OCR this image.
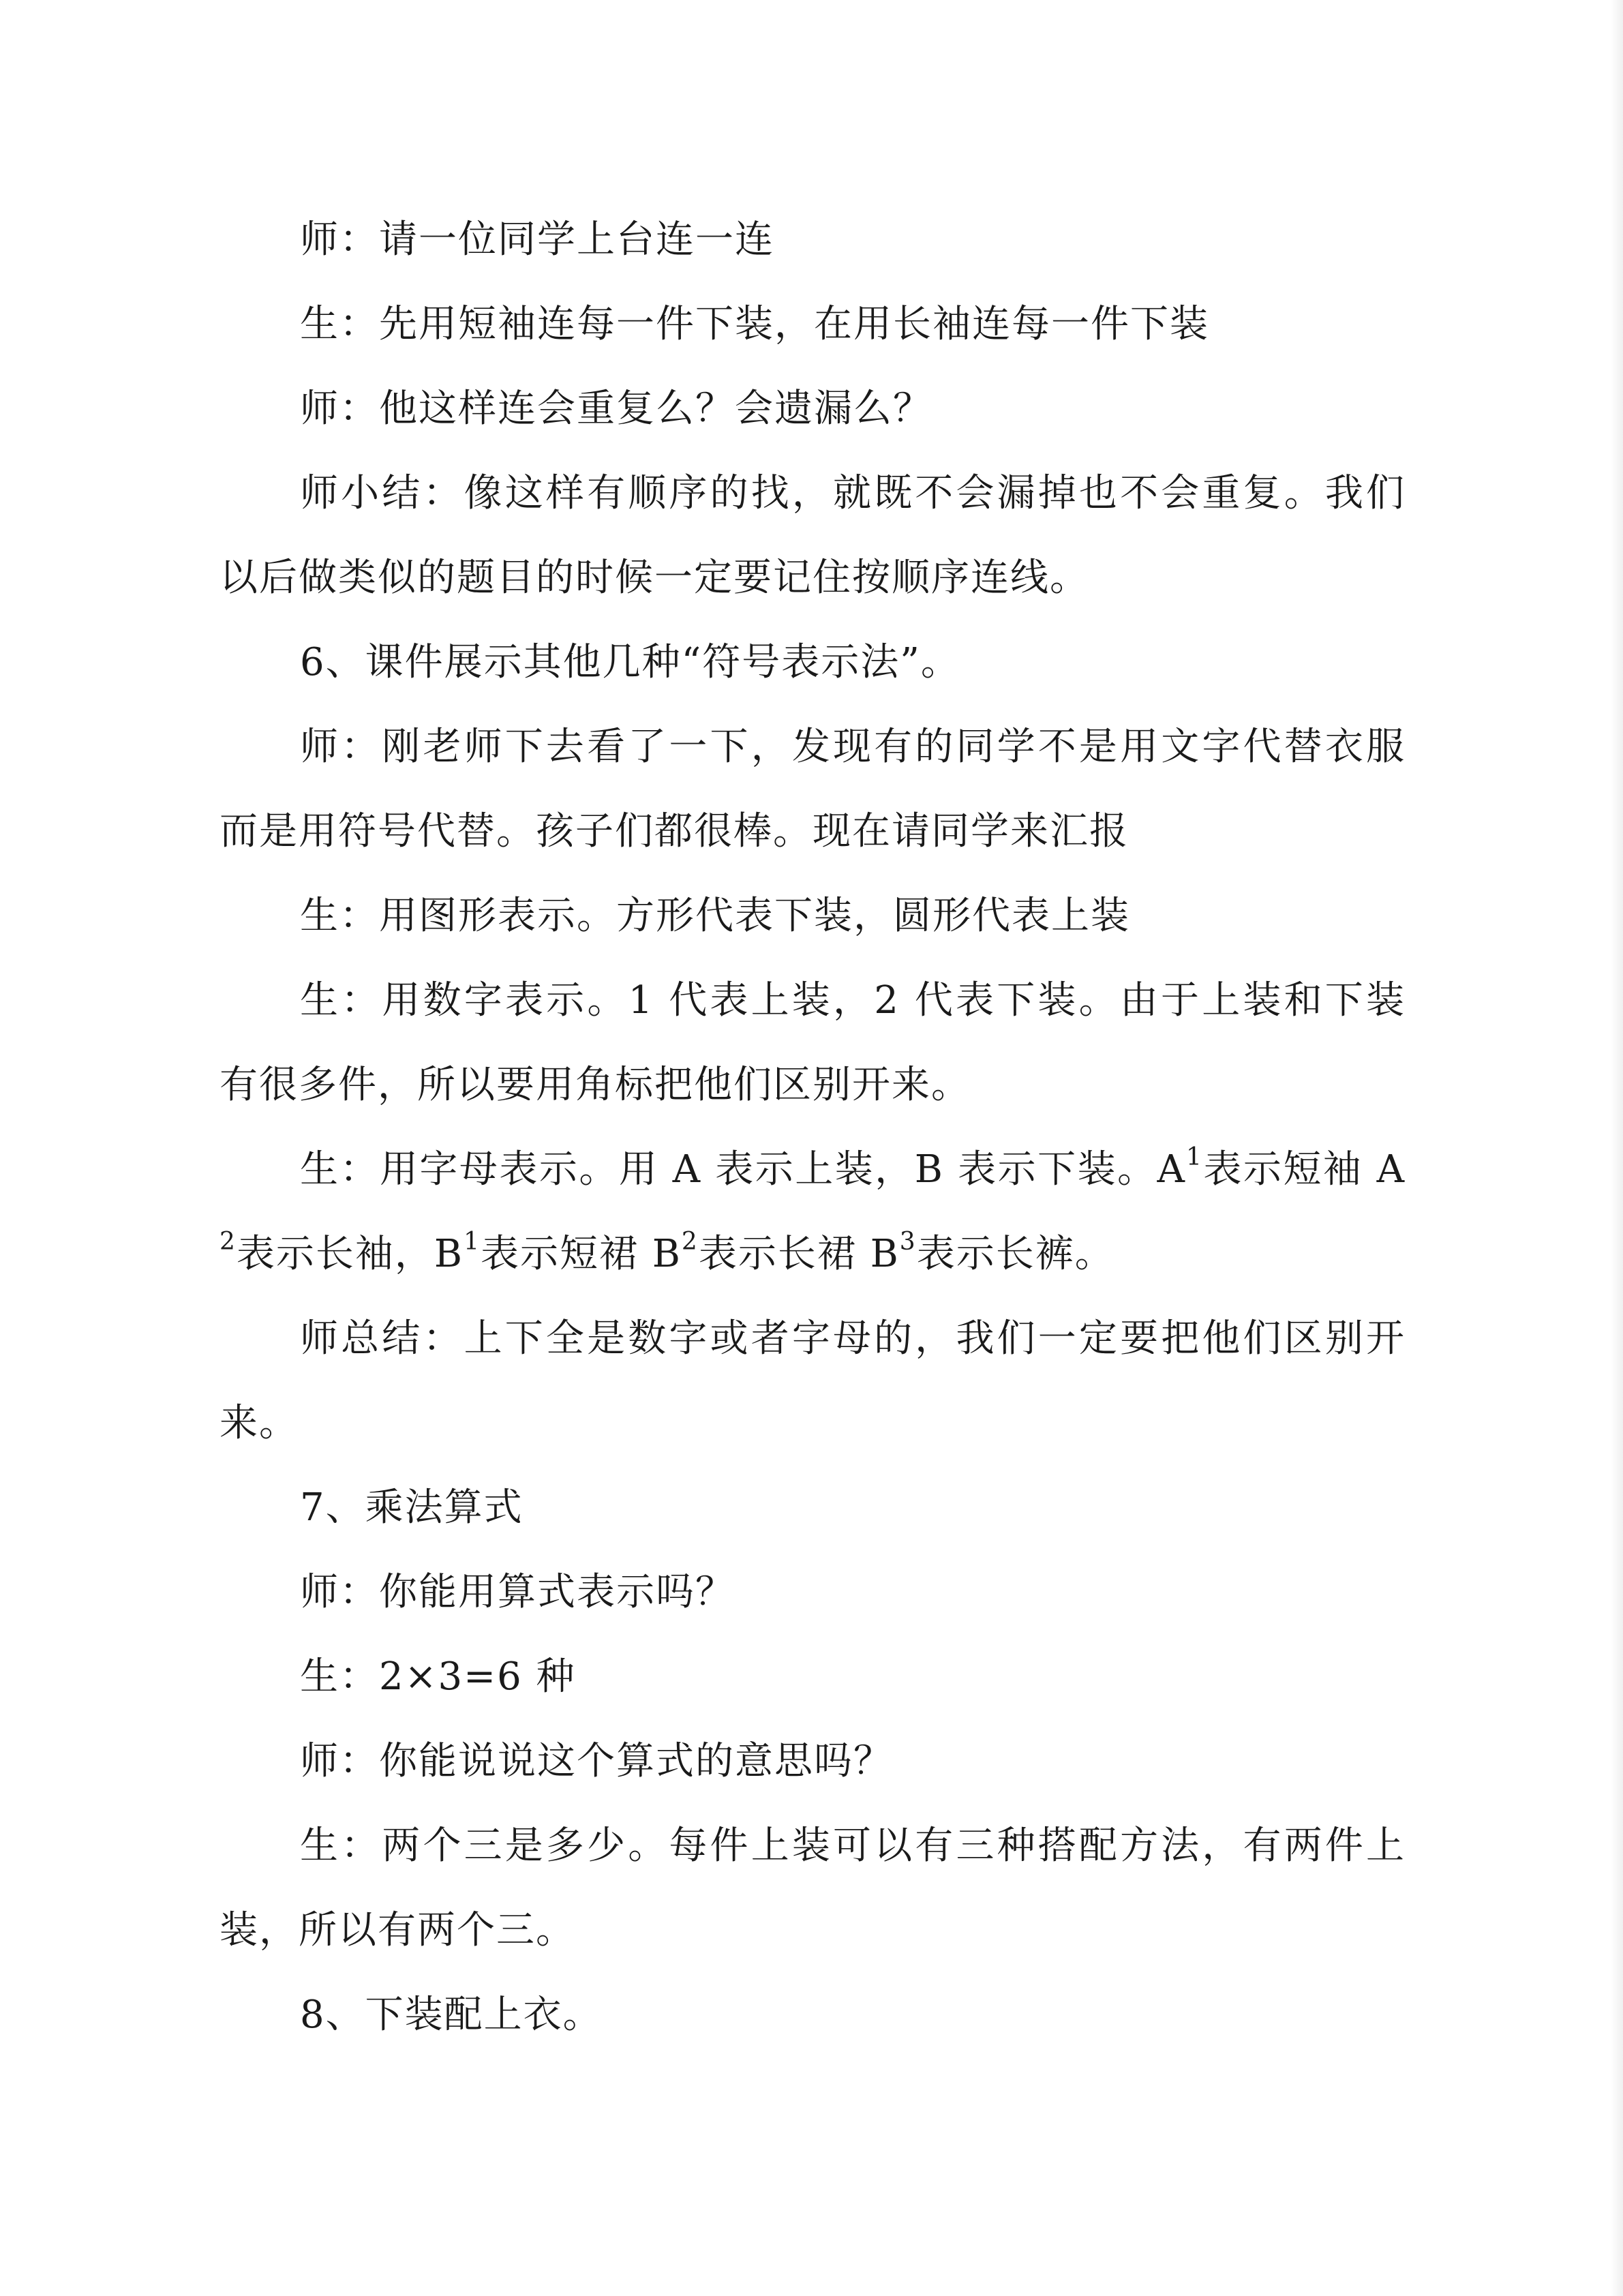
师：请一位同学上台连一连

生：先用短袖连每一件下装，在用长袖连每一件下装

师：他这样连会重复么？会遗漏么？

师小结：像这样有顺序的找，就既不会漏掉也不会重复。我们以后做类似的题目的时候一定要记住按顺序连线。

6、课件展示其他几种“符号表示法”。

师：刚老师下去看了一下，发现有的同学不是用文字代替衣服而是用符号代替。孩子们都很棒。现在请同学来汇报

生：用图形表示。方形代表下装，圆形代表上装

生：用数字表示。1 代表上装，2 代表下装。由于上装和下装有很多件，所以要用角标把他们区别开来。

生：用字母表示。用 A 表示上装，B 表示下装。$A^1$表示短袖 $A^2$表示长袖，$B^1$表示短裙 $B^2$表示长裙 $B^3$表示长裤。

师总结：上下全是数字或者字母的，我们一定要把他们区别开来。

7、乘法算式

师：你能用算式表示吗？

生：2×3=6 种

师：你能说说这个算式的意思吗？

生：两个三是多少。每件上装可以有三种搭配方法，有两件上装，所以有两个三。

8、下装配上衣。
